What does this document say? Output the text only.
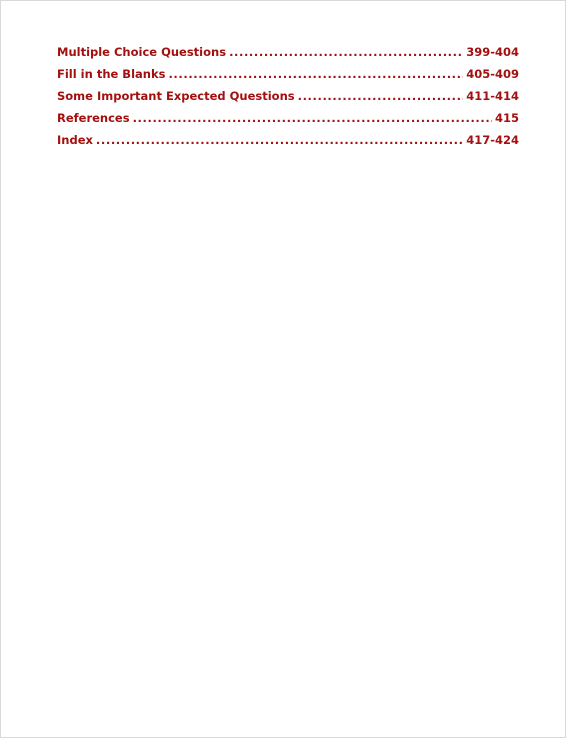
Multiple Choice Questions .....	399-404
Fill in the Blanks .....	405-409
Some Important Expected Questions .....	411-414
References .....	415
Index .....	417-424
